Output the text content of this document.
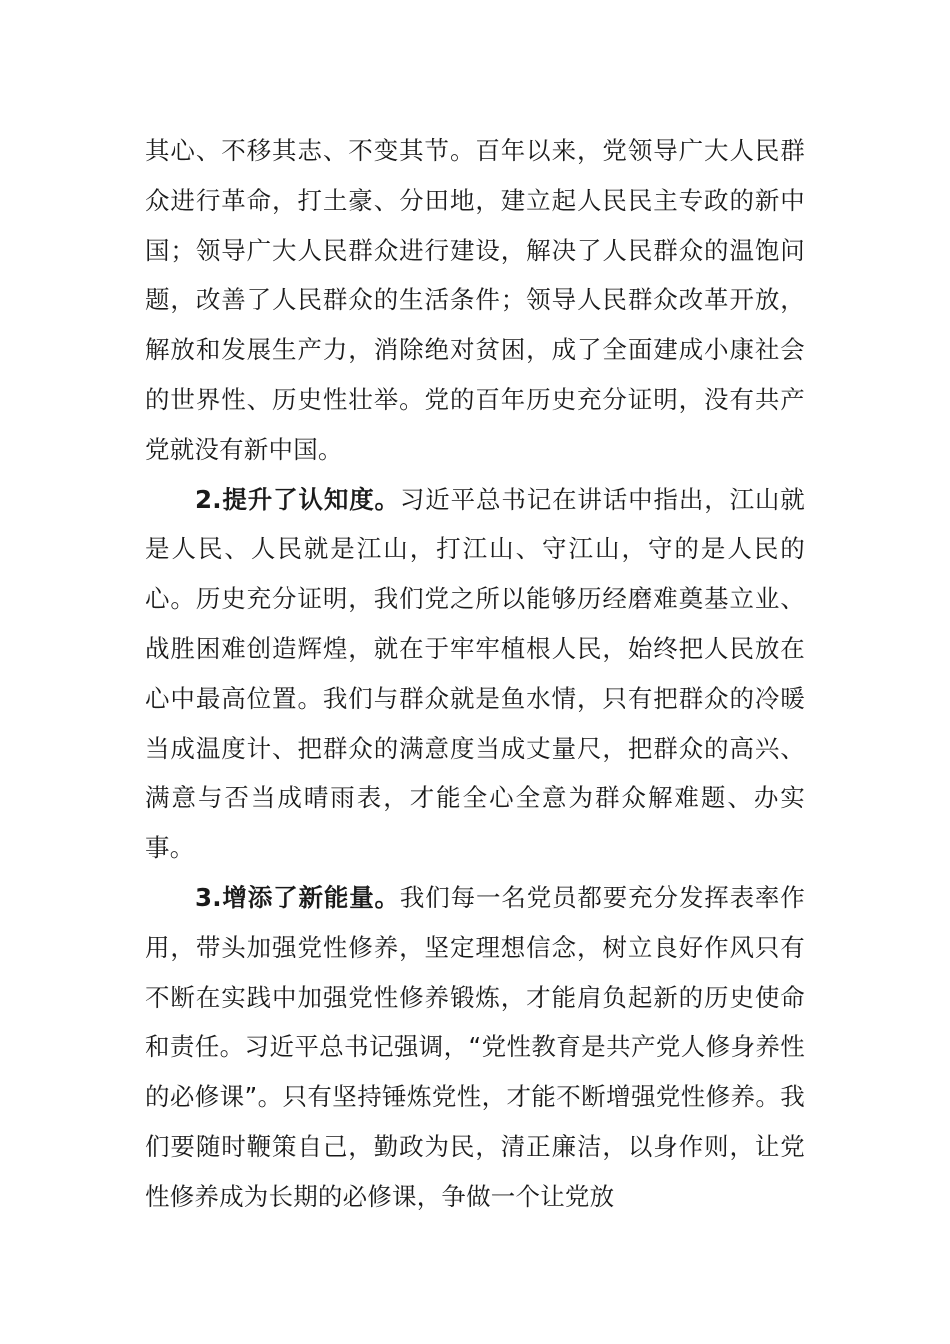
其心、不移其志、不变其节。百年以来，党领导广大人民群众进行革命，打土豪、分田地，建立起人民民主专政的新中国；领导广大人民群众进行建设，解决了人民群众的温饱问题，改善了人民群众的生活条件；领导人民群众改革开放，解放和发展生产力，消除绝对贫困，成了全面建成小康社会的世界性、历史性壮举。党的百年历史充分证明，没有共产党就没有新中国。

2.提升了认知度。习近平总书记在讲话中指出，江山就是人民、人民就是江山，打江山、守江山，守的是人民的心。历史充分证明，我们党之所以能够历经磨难奠基立业、战胜困难创造辉煌，就在于牢牢植根人民，始终把人民放在心中最高位置。我们与群众就是鱼水情，只有把群众的冷暖当成温度计、把群众的满意度当成丈量尺，把群众的高兴、满意与否当成晴雨表，才能全心全意为群众解难题、办实事。

3.增添了新能量。我们每一名党员都要充分发挥表率作用，带头加强党性修养，坚定理想信念，树立良好作风只有不断在实践中加强党性修养锻炼，才能肩负起新的历史使命和责任。习近平总书记强调，“党性教育是共产党人修身养性的必修课”。只有坚持锤炼党性，才能不断增强党性修养。我们要随时鞭策自己，勤政为民，清正廉洁，以身作则，让党性修养成为长期的必修课，争做一个让党放
